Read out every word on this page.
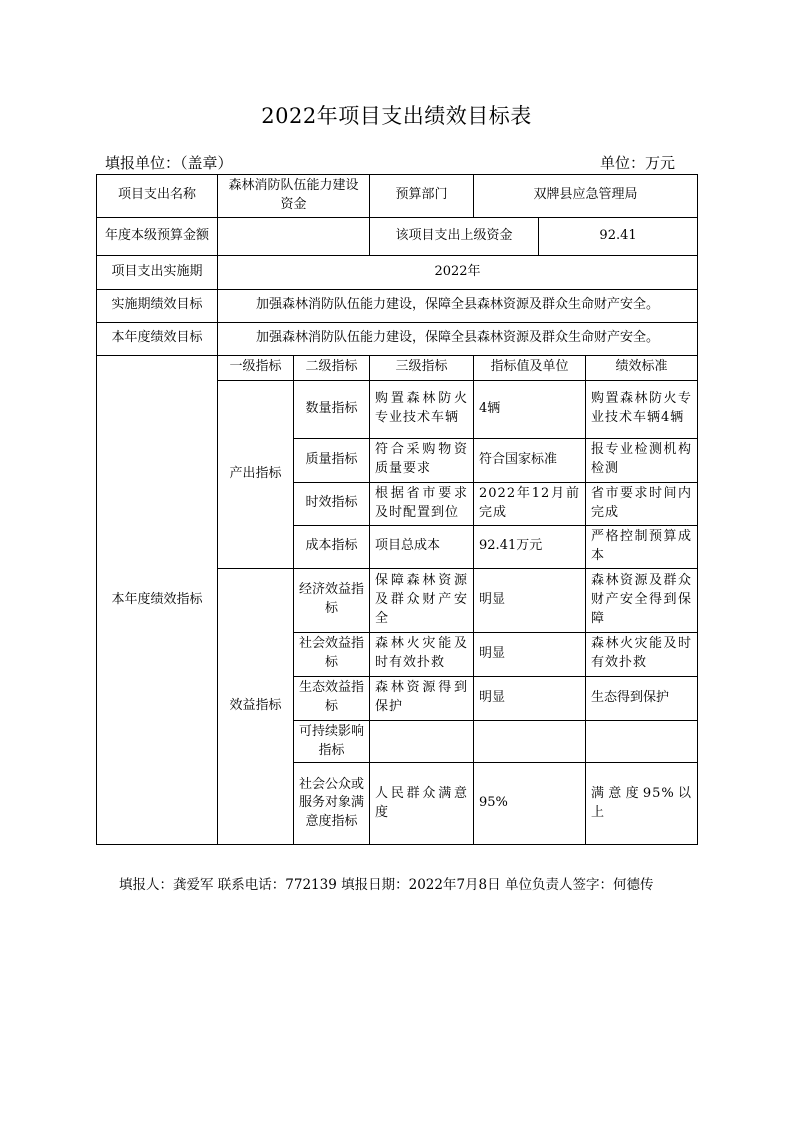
2022年项目支出绩效目标表
填报单位：（盖章）	单位：万元
项目支出名称	森林消防队伍能力建设资金		预算部门	双牌县应急管理局		
年度本级预算金额			该项目支出上级资金		92.41	
项目支出实施期	2022年					
实施期绩效目标	加强森林消防队伍能力建设，保障全县森林资源及群众生命财产安全。					
本年度绩效目标	加强森林消防队伍能力建设，保障全县森林资源及群众生命财产安全。					
本年度绩效指标	一级指标	二级指标	三级指标	指标值及单位		绩效标准
	产出指标	数量指标	购置森林防火专业技术车辆	4辆		购置森林防火专业技术车辆4辆
		质量指标	符合采购物资质量要求	符合国家标准		报专业检测机构检测
		时效指标	根据省市要求及时配置到位	2022年12月前完成		省市要求时间内完成
		成本指标	项目总成本	92.41万元		严格控制预算成本
	效益指标	经济效益指标	保障森林资源及群众财产安全	明显		森林资源及群众财产安全得到保障
		社会效益指标	森林火灾能及时有效扑救	明显		森林火灾能及时有效扑救
		生态效益指标	森林资源得到保护	明显		生态得到保护
		可持续影响指标				
		社会公众或服务对象满意度指标	人民群众满意度	95%		满意度95%以上
填报人：龚爱军 联系电话：772139 填报日期：2022年7月8日 单位负责人签字：何德传
